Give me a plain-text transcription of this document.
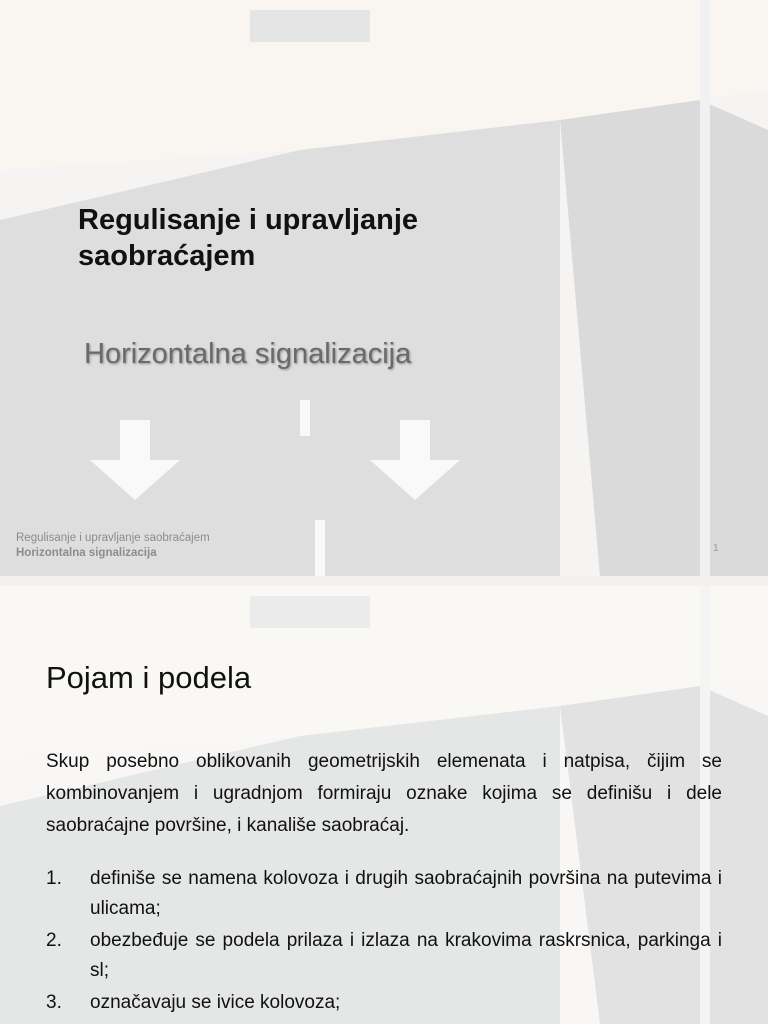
Regulisanje i upravljanje saobraćajem
Horizontalna signalizacija
Regulisanje i upravljanje saobraćajem
Horizontalna signalizacija	1
Pojam i podela
Skup posebno oblikovanih geometrijskih elemenata i natpisa, čijim se kombinovanjem i ugradnjom formiraju oznake kojima se definišu i dele saobraćajne površine, i kanališe saobraćaj.
1.	definiše se namena kolovoza i drugih saobraćajnih površina na putevima i ulicama;
2.	obezbeđuje se podela prilaza i izlaza na krakovima raskrsnica, parkinga i sl;
3.	označavaju se ivice kolovoza;
